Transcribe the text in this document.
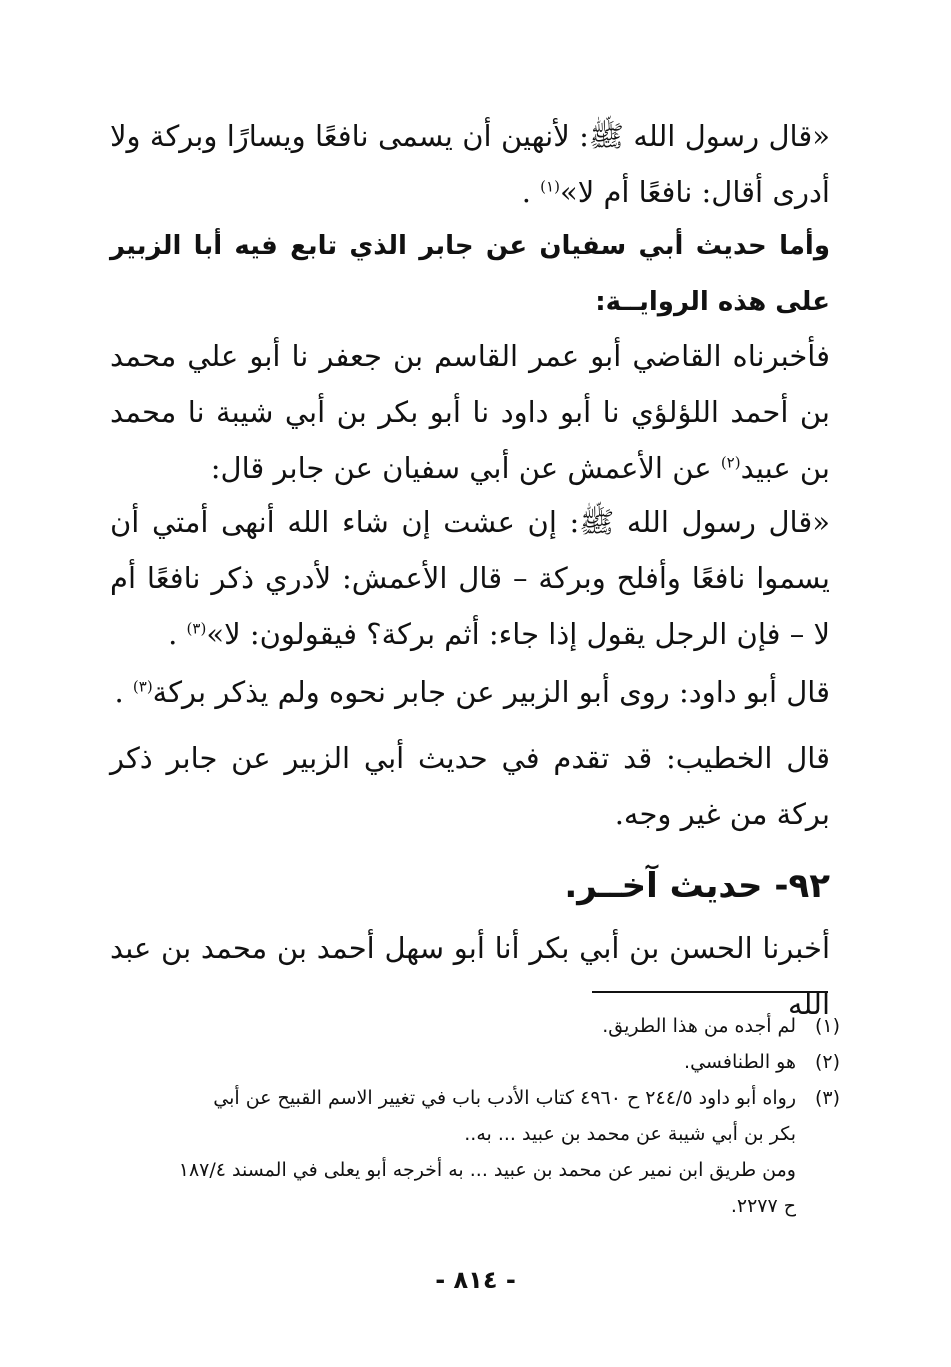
«قال رسول الله ﷺ: لأنهين أن يسمى نافعًا ويسارًا وبركة ولا أدرى أقال: نافعًا أم لا»$^{(١)}$ .
وأما حديث أبي سفيان عن جابر الذي تابع فيه أبا الزبير على هذه الروايــة:
فأخبرناه القاضي أبو عمر القاسم بن جعفر نا أبو علي محمد بن أحمد اللؤلؤي نا أبو داود نا أبو بكر بن أبي شيبة نا محمد بن عبيد$^{(٢)}$ عن الأعمش عن أبي سفيان عن جابر قال:
«قال رسول الله ﷺ: إن عشت إن شاء الله أنهى أمتي أن يسموا نافعًا وأفلح وبركة – قال الأعمش: لأدري ذكر نافعًا أم لا – فإن الرجل يقول إذا جاء: أثم بركة؟ فيقولون: لا»$^{(٣)}$ .
قال أبو داود: روى أبو الزبير عن جابر نحوه ولم يذكر بركة$^{(٣)}$ .
قال الخطيب: قد تقدم في حديث أبي الزبير عن جابر ذكر بركة من غير وجه.
٩٢- حديث آخــر.
أخبرنا الحسن بن أبي بكر أنا أبو سهل أحمد بن محمد بن عبد الله
(١)
لم أجده من هذا الطريق.
(٢)
هو الطنافسي.
(٣)
رواه أبو داود ٢٤٤/٥ ح ٤٩٦٠ كتاب الأدب باب في تغيير الاسم القبيح عن أبي
بكر بن أبي شيبة عن محمد بن عبيد ... به..
ومن طريق ابن نمير عن محمد بن عبيد ... به أخرجه أبو يعلى في المسند ١٨٧/٤
ح ٢٢٧٧.
- ٨١٤ -
